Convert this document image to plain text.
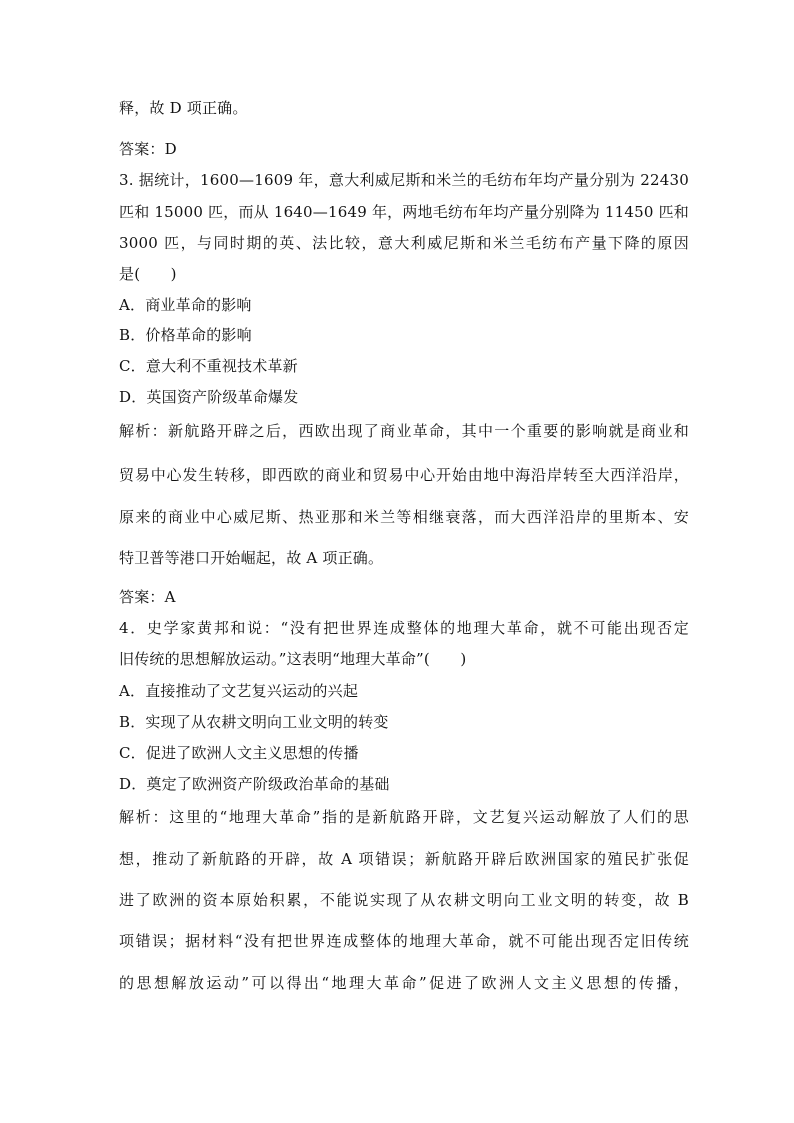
释，故 D 项正确。
答案：D
3. 据统计，1600—1609 年，意大利威尼斯和米兰的毛纺布年均产量分别为 22430
匹和 15000 匹，而从 1640—1649 年，两地毛纺布年均产量分别降为 11450 匹和
3000 匹，与同时期的英、法比较，意大利威尼斯和米兰毛纺布产量下降的原因
是(　　)
A．商业革命的影响
B．价格革命的影响
C．意大利不重视技术革新
D．英国资产阶级革命爆发
解析：新航路开辟之后，西欧出现了商业革命，其中一个重要的影响就是商业和
贸易中心发生转移，即西欧的商业和贸易中心开始由地中海沿岸转至大西洋沿岸，
原来的商业中心威尼斯、热亚那和米兰等相继衰落，而大西洋沿岸的里斯本、安
特卫普等港口开始崛起，故 A 项正确。
答案：A
4．史学家黄邦和说：“没有把世界连成整体的地理大革命，就不可能出现否定
旧传统的思想解放运动。”这表明“地理大革命”(　　)
A．直接推动了文艺复兴运动的兴起
B．实现了从农耕文明向工业文明的转变
C．促进了欧洲人文主义思想的传播
D．奠定了欧洲资产阶级政治革命的基础
解析：这里的“地理大革命”指的是新航路开辟，文艺复兴运动解放了人们的思
想，推动了新航路的开辟，故 A 项错误；新航路开辟后欧洲国家的殖民扩张促
进了欧洲的资本原始积累，不能说实现了从农耕文明向工业文明的转变，故 B
项错误；据材料“没有把世界连成整体的地理大革命，就不可能出现否定旧传统
的思想解放运动”可以得出“地理大革命”促进了欧洲人文主义思想的传播，
